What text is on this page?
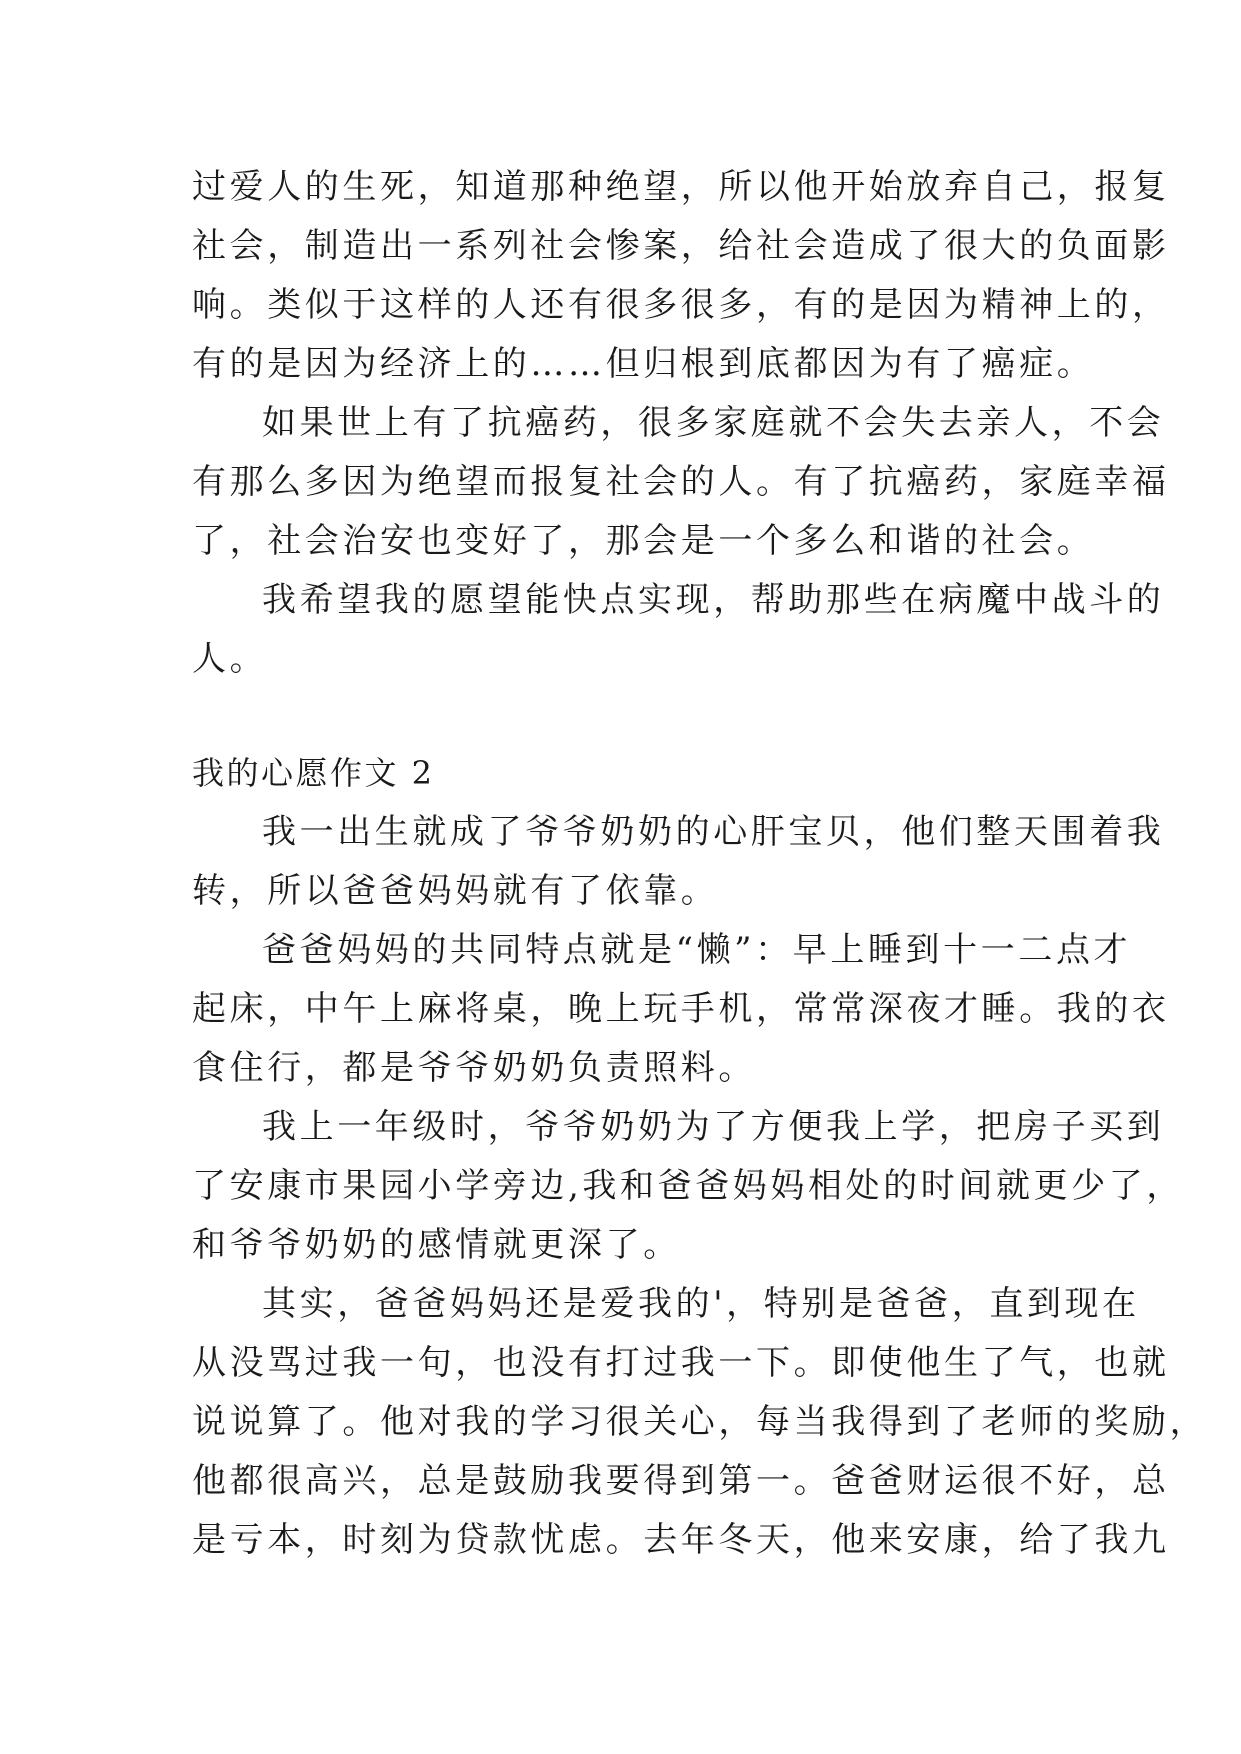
过爱人的生死，知道那种绝望，所以他开始放弃自己，报复
社会，制造出一系列社会惨案，给社会造成了很大的负面影
响。类似于这样的人还有很多很多，有的是因为精神上的，
有的是因为经济上的……但归根到底都因为有了癌症。
如果世上有了抗癌药，很多家庭就不会失去亲人，不会
有那么多因为绝望而报复社会的人。有了抗癌药，家庭幸福
了，社会治安也变好了，那会是一个多么和谐的社会。
我希望我的愿望能快点实现，帮助那些在病魔中战斗的
人。
我的心愿作文 2
我一出生就成了爷爷奶奶的心肝宝贝，他们整天围着我
转，所以爸爸妈妈就有了依靠。
爸爸妈妈的共同特点就是“懒”：早上睡到十一二点才
起床，中午上麻将桌，晚上玩手机，常常深夜才睡。我的衣
食住行，都是爷爷奶奶负责照料。
我上一年级时，爷爷奶奶为了方便我上学，把房子买到
了安康市果园小学旁边,我和爸爸妈妈相处的时间就更少了，
和爷爷奶奶的感情就更深了。
其实，爸爸妈妈还是爱我的'，特别是爸爸，直到现在
从没骂过我一句，也没有打过我一下。即使他生了气，也就
说说算了。他对我的学习很关心，每当我得到了老师的奖励，
他都很高兴，总是鼓励我要得到第一。爸爸财运很不好，总
是亏本，时刻为贷款忧虑。去年冬天，他来安康，给了我九
